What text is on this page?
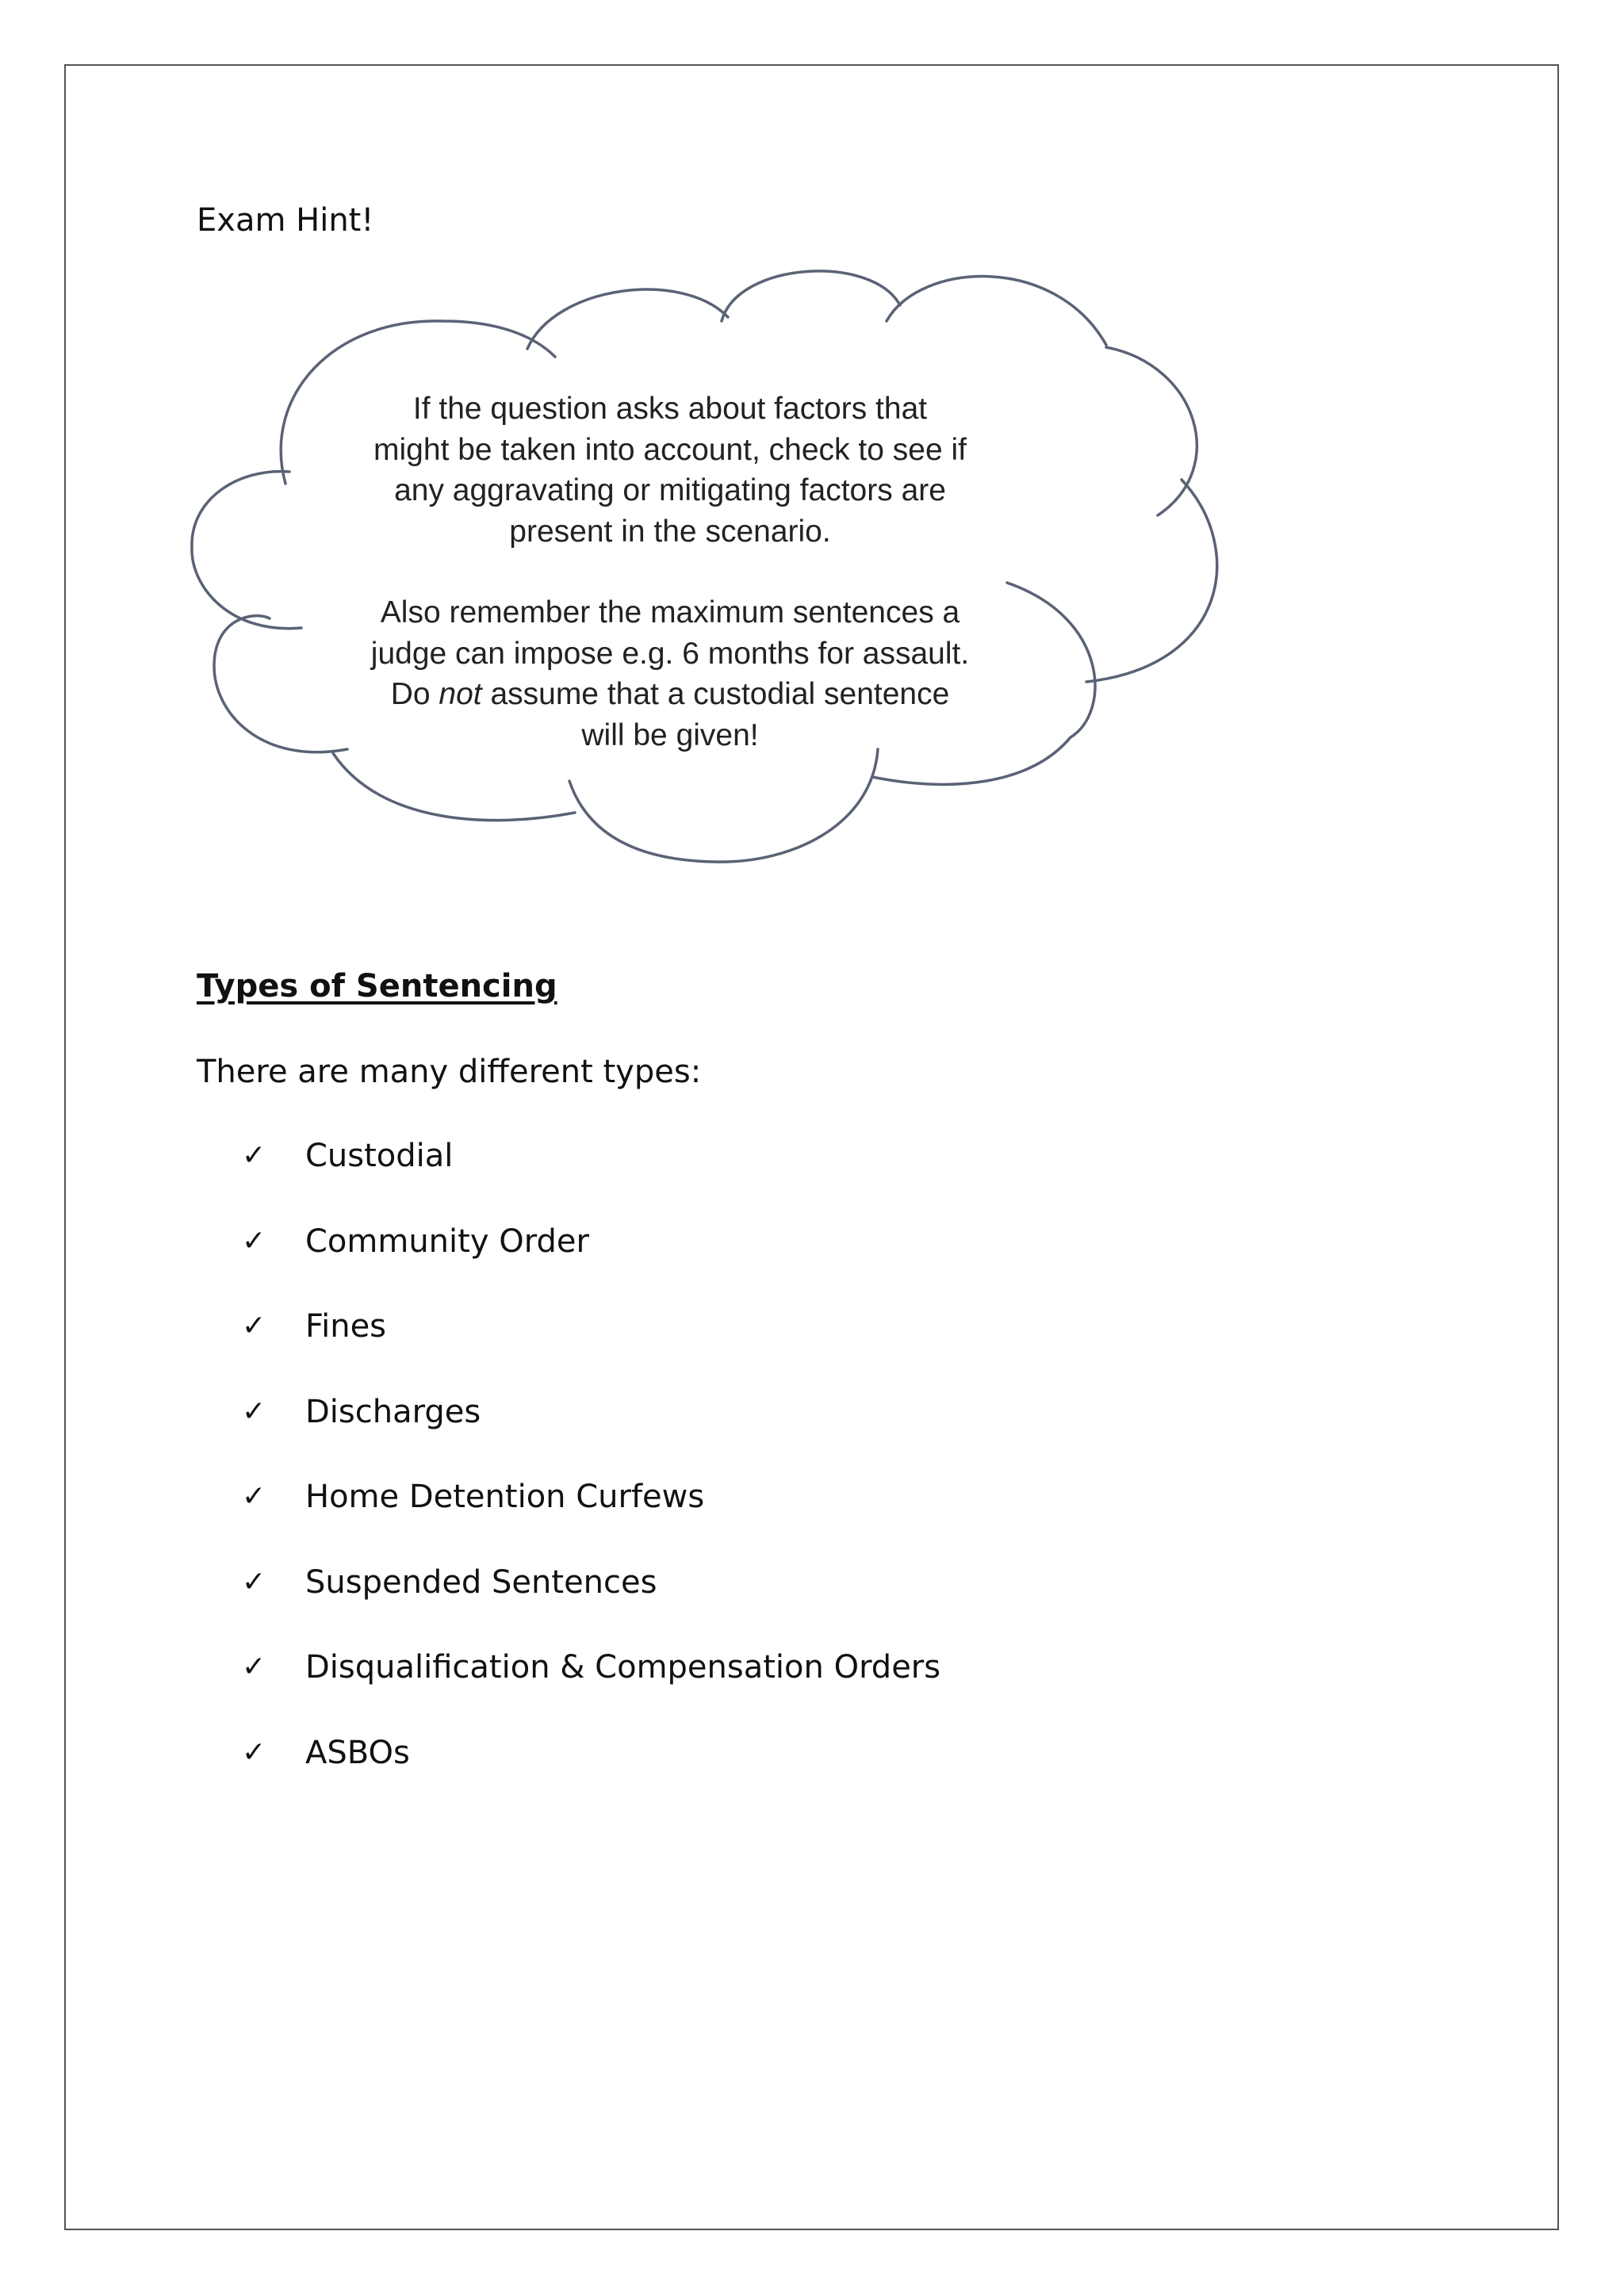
Exam Hint!

If the question asks about factors that

might be taken into account, check to see if

any aggravating or mitigating factors are

present in the scenario.

Also remember the maximum sentences a

judge can impose e.g. 6 months for assault.

Do not assume that a custodial sentence

will be given!

Types of Sentencing
There are many different types:
✓	Custodial
✓	Community Order
✓	Fines
✓	Discharges
✓	Home Detention Curfews
✓	Suspended Sentences
✓	Disqualification & Compensation Orders
✓	ASBOs
